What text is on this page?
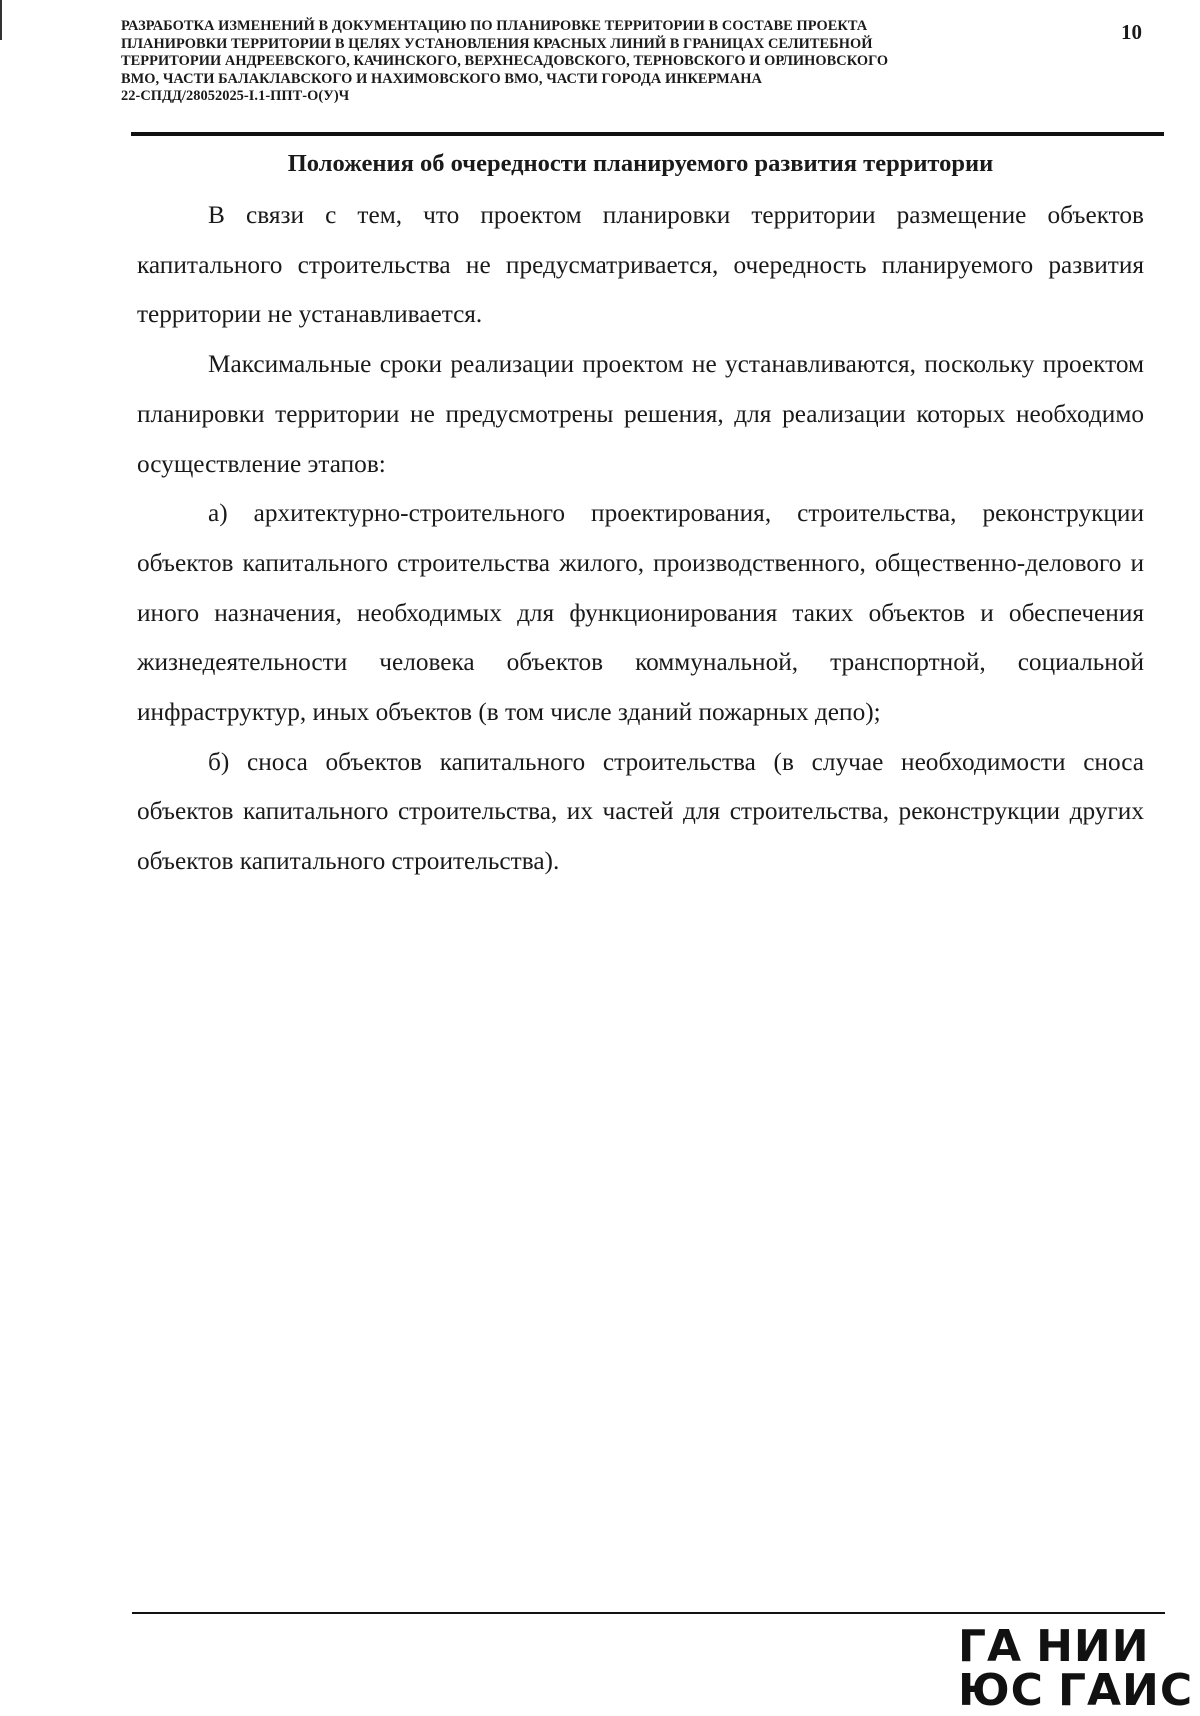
РАЗРАБОТКА ИЗМЕНЕНИЙ В ДОКУМЕНТАЦИЮ ПО ПЛАНИРОВКЕ ТЕРРИТОРИИ В СОСТАВЕ ПРОЕКТА
ПЛАНИРОВКИ ТЕРРИТОРИИ В ЦЕЛЯХ УСТАНОВЛЕНИЯ КРАСНЫХ ЛИНИЙ В ГРАНИЦАХ СЕЛИТЕБНОЙ
ТЕРРИТОРИИ АНДРЕЕВСКОГО, КАЧИНСКОГО, ВЕРХНЕСАДОВСКОГО, ТЕРНОВСКОГО И ОРЛИНОВСКОГО
ВМО, ЧАСТИ БАЛАКЛАВСКОГО И НАХИМОВСКОГО ВМО, ЧАСТИ ГОРОДА ИНКЕРМАНА
22-СПДД/28052025-I.1-ППТ-О(У)Ч
10
Положения об очередности планируемого развития территории

В связи с тем, что проектом планировки территории размещение объектов капитального строительства не предусматривается, очередность планируемого развития территории не устанавливается.

Максимальные сроки реализации проектом не устанавливаются, поскольку проектом планировки территории не предусмотрены решения, для реализации которых необходимо осуществление этапов:

а) архитектурно-строительного проектирования, строительства, реконструкции объектов капитального строительства жилого, производственного, общественно-делового и иного назначения, необходимых для функционирования таких объектов и обеспечения жизнедеятельности человека объектов коммунальной, транспортной, социальной инфраструктур, иных объектов (в том числе зданий пожарных депо);

б) сноса объектов капитального строительства (в случае необходимости сноса объектов капитального строительства, их частей для строительства, реконструкции других объектов капитального строительства).

ГА НИИ
ЮС ГАИС
